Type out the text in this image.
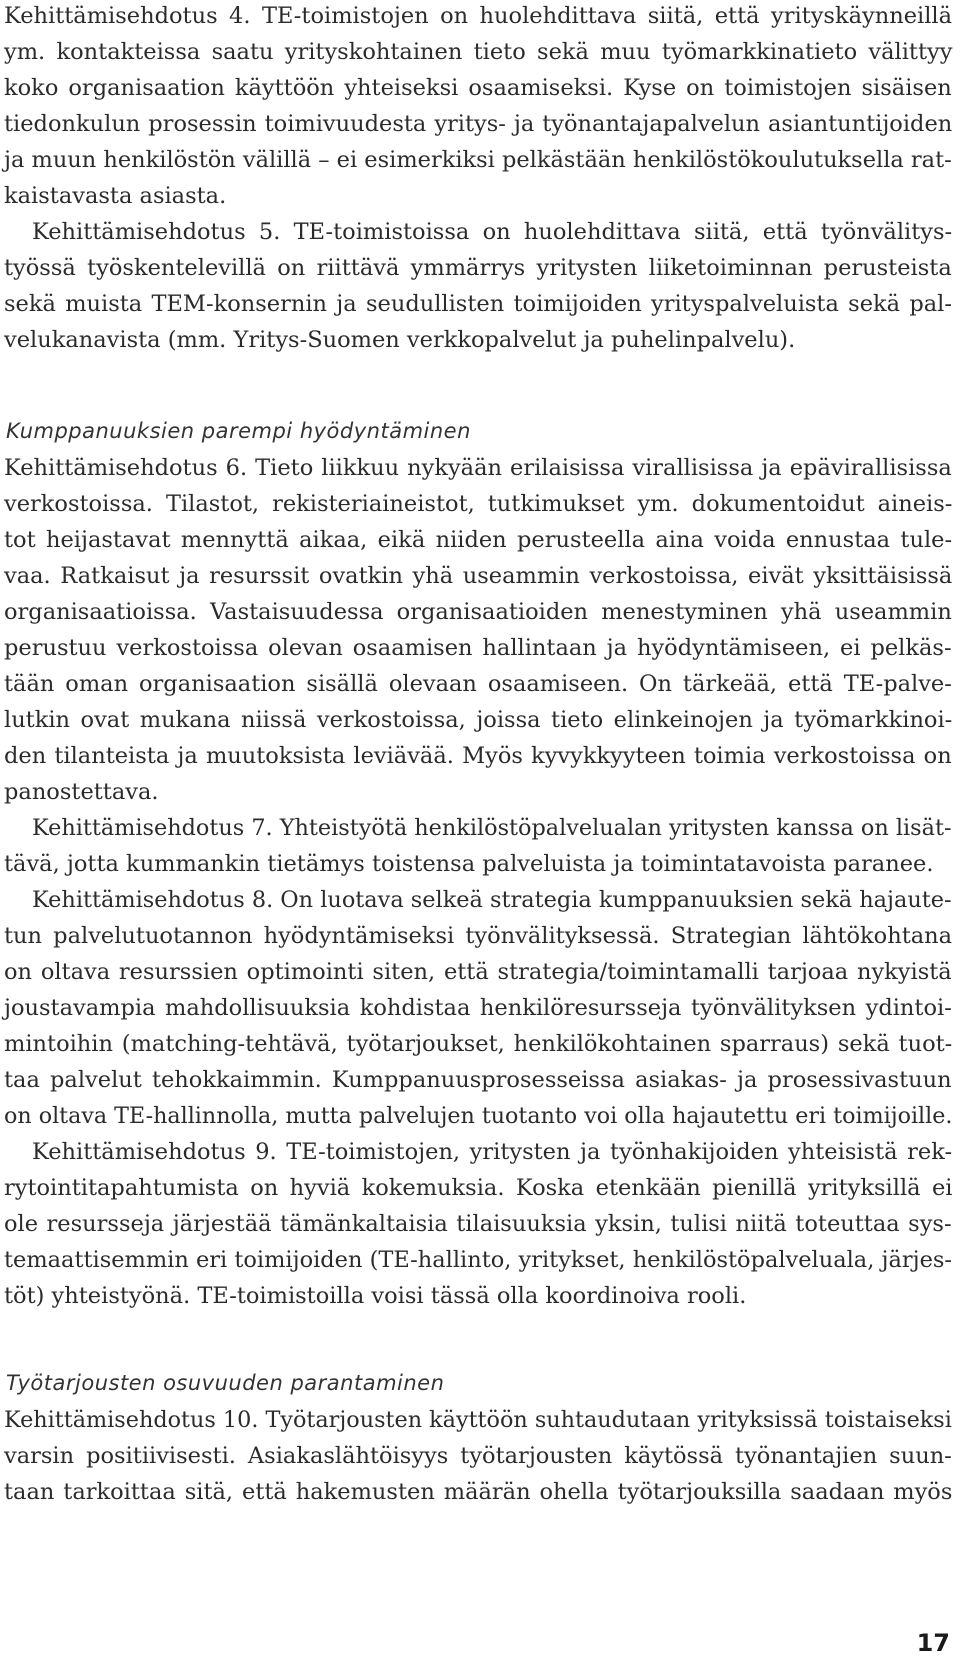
Kehittämisehdotus 4. TE-toimistojen on huolehdittava siitä, että yrityskäynneillä
ym. kontakteissa saatu yrityskohtainen tieto sekä muu työmarkkinatieto välittyy
koko organisaation käyttöön yhteiseksi osaamiseksi. Kyse on toimistojen sisäisen
tiedonkulun prosessin toimivuudesta yritys- ja työnantajapalvelun asiantuntijoiden
ja muun henkilöstön välillä – ei esimerkiksi pelkästään henkilöstökoulutuksella rat-
kaistavasta asiasta.
Kehittämisehdotus 5. TE-toimistoissa on huolehdittava siitä, että työnvälitys-
työssä työskentelevillä on riittävä ymmärrys yritysten liiketoiminnan perusteista
sekä muista TEM-konsernin ja seudullisten toimijoiden yrityspalveluista sekä pal-
velukanavista (mm. Yritys-Suomen verkkopalvelut ja puhelinpalvelu).
Kumppanuuksien parempi hyödyntäminen
Kehittämisehdotus 6. Tieto liikkuu nykyään erilaisissa virallisissa ja epävirallisissa
verkostoissa. Tilastot, rekisteriaineistot, tutkimukset ym. dokumentoidut aineis-
tot heijastavat mennyttä aikaa, eikä niiden perusteella aina voida ennustaa tule-
vaa. Ratkaisut ja resurssit ovatkin yhä useammin verkostoissa, eivät yksittäisissä
organisaatioissa. Vastaisuudessa organisaatioiden menestyminen yhä useammin
perustuu verkostoissa olevan osaamisen hallintaan ja hyödyntämiseen, ei pelkäs-
tään oman organisaation sisällä olevaan osaamiseen. On tärkeää, että TE-palve-
lutkin ovat mukana niissä verkostoissa, joissa tieto elinkeinojen ja työmarkkinoi-
den tilanteista ja muutoksista leviävää. Myös kyvykkyyteen toimia verkostoissa on
panostettava.
Kehittämisehdotus 7. Yhteistyötä henkilöstöpalvelualan yritysten kanssa on lisät-
tävä, jotta kummankin tietämys toistensa palveluista ja toimintatavoista paranee.
Kehittämisehdotus 8. On luotava selkeä strategia kumppanuuksien sekä hajaute-
tun palvelutuotannon hyödyntämiseksi työnvälityksessä. Strategian lähtökohtana
on oltava resurssien optimointi siten, että strategia/toimintamalli tarjoaa nykyistä
joustavampia mahdollisuuksia kohdistaa henkilöresursseja työnvälityksen ydintoi-
mintoihin (matching-tehtävä, työtarjoukset, henkilökohtainen sparraus) sekä tuot-
taa palvelut tehokkaimmin. Kumppanuusprosesseissa asiakas- ja prosessivastuun
on oltava TE-hallinnolla, mutta palvelujen tuotanto voi olla hajautettu eri toimijoille.
Kehittämisehdotus 9. TE-toimistojen, yritysten ja työnhakijoiden yhteisistä rek-
rytointitapahtumista on hyviä kokemuksia. Koska etenkään pienillä yrityksillä ei
ole resursseja järjestää tämänkaltaisia tilaisuuksia yksin, tulisi niitä toteuttaa sys-
temaattisemmin eri toimijoiden (TE-hallinto, yritykset, henkilöstöpalveluala, järjes-
töt) yhteistyönä. TE-toimistoilla voisi tässä olla koordinoiva rooli.
Työtarjousten osuvuuden parantaminen
Kehittämisehdotus 10. Työtarjousten käyttöön suhtaudutaan yrityksissä toistaiseksi
varsin positiivisesti. Asiakaslähtöisyys työtarjousten käytössä työnantajien suun-
taan tarkoittaa sitä, että hakemusten määrän ohella työtarjouksilla saadaan myös
17
